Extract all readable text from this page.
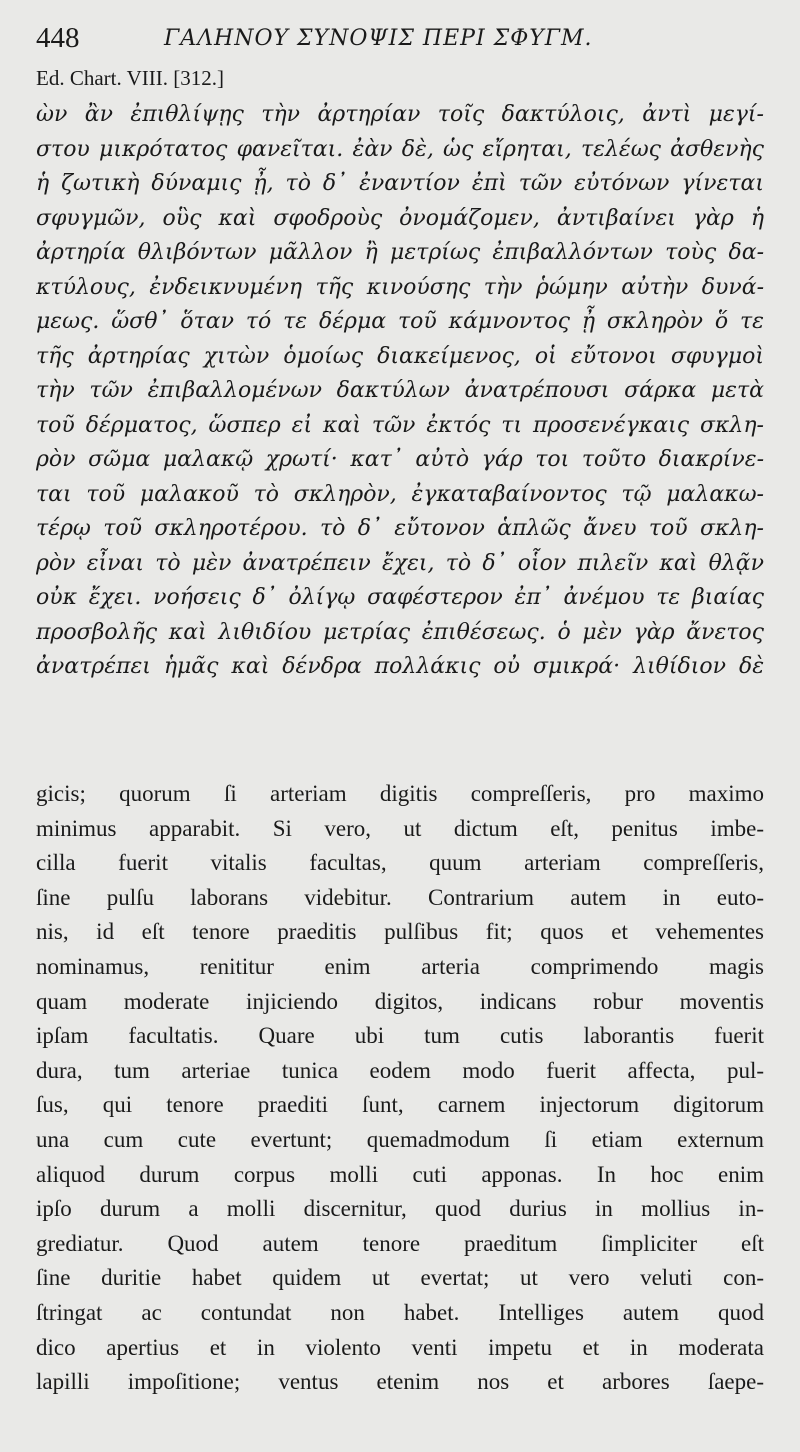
448	ΓΑΛΗΝΟΥ ΣΥΝΟΨΙΣ ΠΕΡΙ ΣΦΥΓΜ.
Ed. Chart. VIII. [312.]
ὼν ἂν ἐπιθλίψῃς τὴν ἀρτηρίαν τοῖς δακτύλοις, ἀντὶ μεγί-
στου μικρότατος φανεῖται. ἐὰν δὲ, ὡς εἴρηται, τελέως ἀσθενὴς
ἡ ζωτικὴ δύναμις ᾖ, τὸ δ᾽ ἐναντίον ἐπὶ τῶν εὐτόνων γίνεται
σφυγμῶν, οὓς καὶ σφοδροὺς ὀνομάζομεν, ἀντιβαίνει γὰρ ἡ
ἀρτηρία θλιβόντων μᾶλλον ἢ μετρίως ἐπιβαλλόντων τοὺς δα-
κτύλους, ἐνδεικνυμένη τῆς κινούσης τὴν ῥώμην αὐτὴν δυνά-
μεως. ὥσθ᾽ ὅταν τό τε δέρμα τοῦ κάμνοντος ᾖ σκληρὸν ὅ τε
τῆς ἀρτηρίας χιτὼν ὁμοίως διακείμενος, οἱ εὔτονοι σφυγμοὶ
τὴν τῶν ἐπιβαλλομένων δακτύλων ἀνατρέπουσι σάρκα μετὰ
τοῦ δέρματος, ὥσπερ εἰ καὶ τῶν ἐκτός τι προσενέγκαις σκλη-
ρὸν σῶμα μαλακῷ χρωτί· κατ᾽ αὐτὸ γάρ τοι τοῦτο διακρίνε-
ται τοῦ μαλακοῦ τὸ σκληρὸν, ἐγκαταβαίνοντος τῷ μαλακω-
τέρῳ τοῦ σκληροτέρου. τὸ δ᾽ εὔτονον ἁπλῶς ἄνευ τοῦ σκλη-
ρὸν εἶναι τὸ μὲν ἀνατρέπειν ἔχει, τὸ δ᾽ οἷον πιλεῖν καὶ θλᾷν
οὐκ ἔχει. νοήσεις δ᾽ ὀλίγῳ σαφέστερον ἐπ᾽ ἀνέμου τε βιαίας
προσβολῆς καὶ λιθιδίου μετρίας ἐπιθέσεως. ὁ μὲν γὰρ ἄνετος
ἀνατρέπει ἡμᾶς καὶ δένδρα πολλάκις οὐ σμικρά· λιθίδιον δὲ
gicis; quorum ſi arteriam digitis compreſſeris, pro maximo
minimus apparabit. Si vero, ut dictum eſt, penitus imbe-
cilla fuerit vitalis facultas, quum arteriam compreſſeris,
ſine pulſu laborans videbitur. Contrarium autem in euto-
nis, id eſt tenore praeditis pulſibus fit; quos et vehementes
nominamus, renititur enim arteria comprimendo magis
quam moderate injiciendo digitos, indicans robur moventis
ipſam facultatis. Quare ubi tum cutis laborantis fuerit
dura, tum arteriae tunica eodem modo fuerit affecta, pul-
ſus, qui tenore praediti ſunt, carnem injectorum digitorum
una cum cute evertunt; quemadmodum ſi etiam externum
aliquod durum corpus molli cuti apponas. In hoc enim
ipſo durum a molli discernitur, quod durius in mollius in-
grediatur. Quod autem tenore praeditum ſimpliciter eſt
ſine duritie habet quidem ut evertat; ut vero veluti con-
ſtringat ac contundat non habet. Intelliges autem quod
dico apertius et in violento venti impetu et in moderata
lapilli impoſitione; ventus etenim nos et arbores ſaepe-
